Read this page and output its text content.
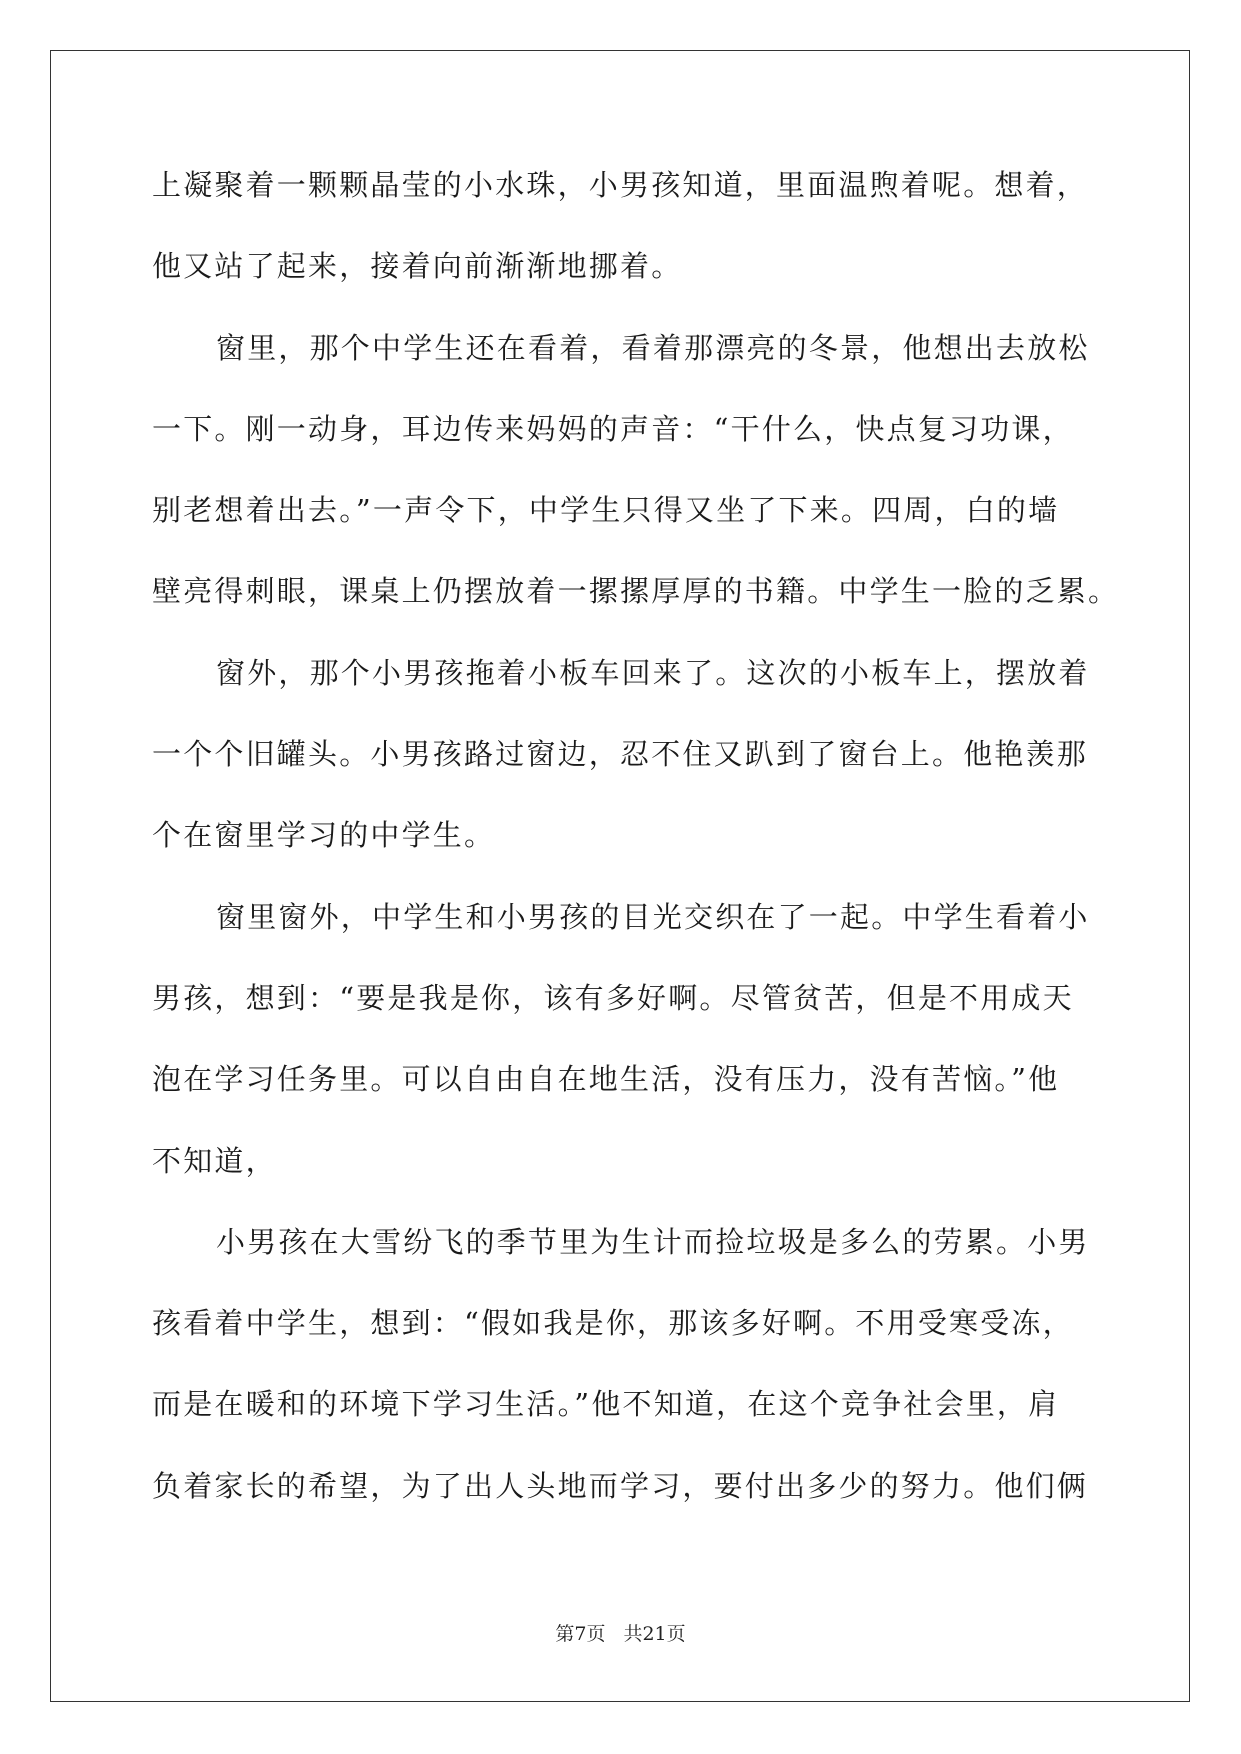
上凝聚着一颗颗晶莹的小水珠，小男孩知道，里面温煦着呢。想着，
他又站了起来，接着向前渐渐地挪着。
窗里，那个中学生还在看着，看着那漂亮的冬景，他想出去放松
一下。刚一动身，耳边传来妈妈的声音：“干什么，快点复习功课，
别老想着出去。”一声令下，中学生只得又坐了下来。四周，白的墙
壁亮得刺眼，课桌上仍摆放着一摞摞厚厚的书籍。中学生一脸的乏累。
窗外，那个小男孩拖着小板车回来了。这次的小板车上，摆放着
一个个旧罐头。小男孩路过窗边，忍不住又趴到了窗台上。他艳羡那
个在窗里学习的中学生。
窗里窗外，中学生和小男孩的目光交织在了一起。中学生看着小
男孩，想到：“要是我是你，该有多好啊。尽管贫苦，但是不用成天
泡在学习任务里。可以自由自在地生活，没有压力，没有苦恼。”他
不知道，
小男孩在大雪纷飞的季节里为生计而捡垃圾是多么的劳累。小男
孩看着中学生，想到：“假如我是你，那该多好啊。不用受寒受冻，
而是在暖和的环境下学习生活。”他不知道，在这个竞争社会里，肩
负着家长的希望，为了出人头地而学习，要付出多少的努力。他们俩
第7页 共21页
